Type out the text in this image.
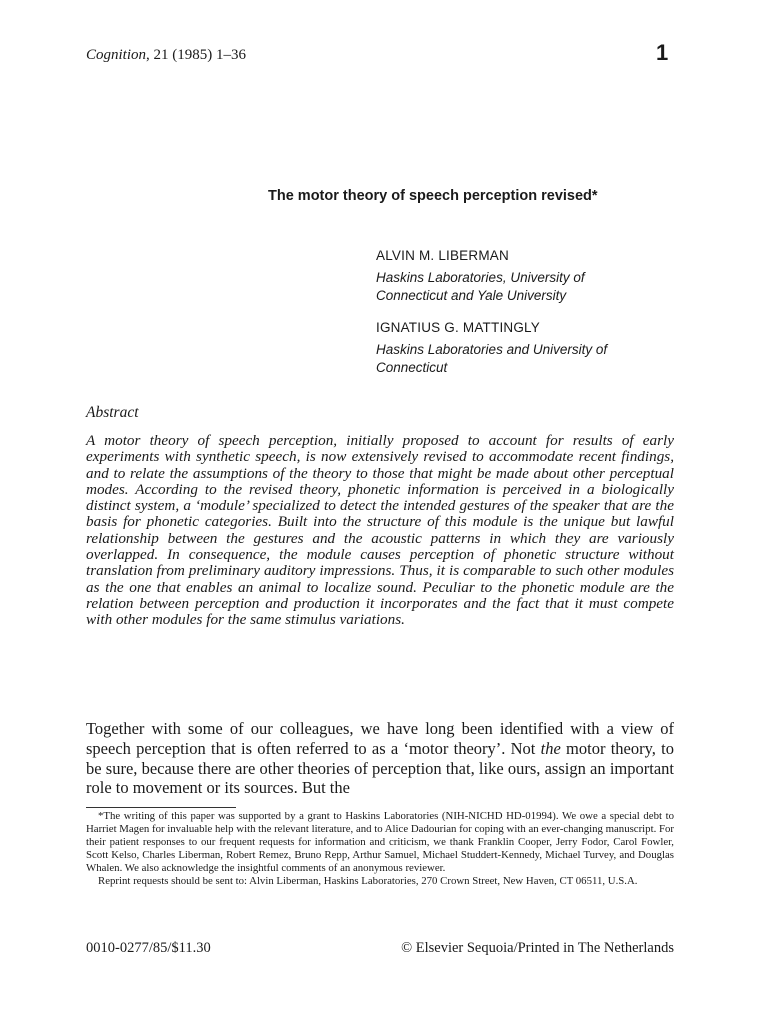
Cognition, 21 (1985) 1–36	1
The motor theory of speech perception revised*
ALVIN M. LIBERMAN
Haskins Laboratories, University of
Connecticut and Yale University
IGNATIUS G. MATTINGLY
Haskins Laboratories and University of
Connecticut
Abstract
A motor theory of speech perception, initially proposed to account for results of early experiments with synthetic speech, is now extensively revised to accommodate recent findings, and to relate the assumptions of the theory to those that might be made about other perceptual modes. According to the revised theory, phonetic information is perceived in a biologically distinct system, a ‘module’ specialized to detect the intended gestures of the speaker that are the basis for phonetic categories. Built into the structure of this module is the unique but lawful relationship between the gestures and the acoustic patterns in which they are variously overlapped. In consequence, the module causes perception of phonetic structure without translation from preliminary auditory impressions. Thus, it is comparable to such other modules as the one that enables an animal to localize sound. Peculiar to the phonetic module are the relation between perception and production it incorporates and the fact that it must compete with other modules for the same stimulus variations.
Together with some of our colleagues, we have long been identified with a view of speech perception that is often referred to as a ‘motor theory’. Not the motor theory, to be sure, because there are other theories of perception that, like ours, assign an important role to movement or its sources. But the

*The writing of this paper was supported by a grant to Haskins Laboratories (NIH-NICHD HD-01994). We owe a special debt to Harriet Magen for invaluable help with the relevant literature, and to Alice Dadourian for coping with an ever-changing manuscript. For their patient responses to our frequent requests for information and criticism, we thank Franklin Cooper, Jerry Fodor, Carol Fowler, Scott Kelso, Charles Liberman, Robert Remez, Bruno Repp, Arthur Samuel, Michael Studdert-Kennedy, Michael Turvey, and Douglas Whalen. We also acknowledge the insightful comments of an anonymous reviewer.

Reprint requests should be sent to: Alvin Liberman, Haskins Laboratories, 270 Crown Street, New Haven, CT 06511, U.S.A.

0010-0277/85/$11.30	© Elsevier Sequoia/Printed in The Netherlands
